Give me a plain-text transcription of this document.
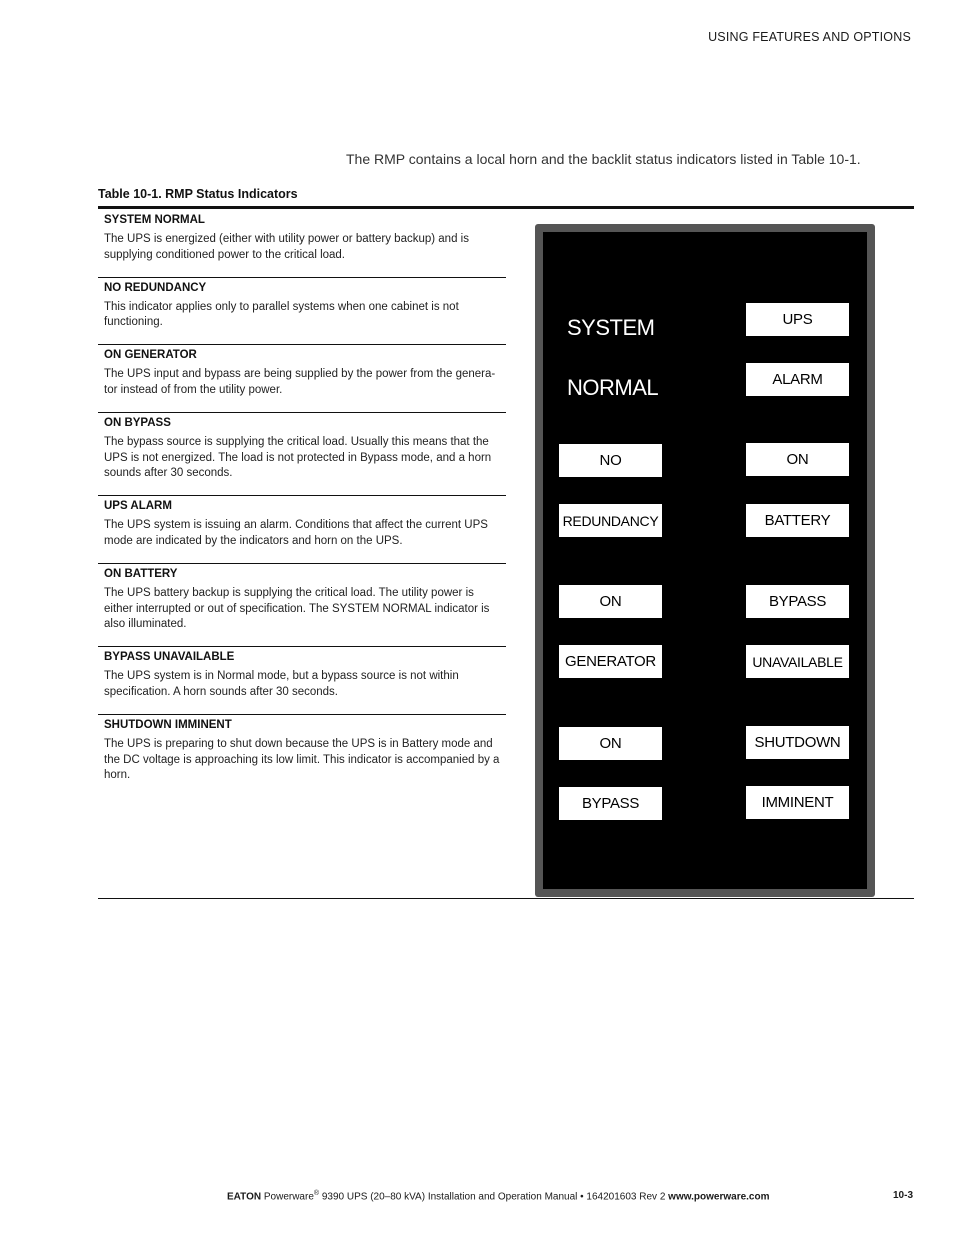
USING FEATURES AND OPTIONS
The RMP contains a local horn and the backlit status indicators listed in Table 10-1.
Table 10-1. RMP Status Indicators
SYSTEM NORMAL
The UPS is energized (either with utility power or battery backup) and is supplying conditioned power to the critical load.
NO REDUNDANCY
This indicator applies only to parallel systems when one cabinet is not functioning.
ON GENERATOR
The UPS input and bypass are being supplied by the power from the genera-tor instead of from the utility power.
ON BYPASS
The bypass source is supplying the critical load. Usually this means that the UPS is not energized. The load is not protected in Bypass mode, and a horn sounds after 30 seconds.
UPS ALARM
The UPS system is issuing an alarm. Conditions that affect the current UPS mode are indicated by the indicators and horn on the UPS.
ON BATTERY
The UPS battery backup is supplying the critical load. The utility power is either interrupted or out of specification. The SYSTEM NORMAL indicator is also illuminated.
BYPASS UNAVAILABLE
The UPS system is in Normal mode, but a bypass source is not within specification. A horn sounds after 30 seconds.
SHUTDOWN IMMINENT
The UPS is preparing to shut down because the UPS is in Battery mode and the DC voltage is approaching its low limit. This indicator is accompanied by a horn.
SYSTEM
NORMAL
UPS
ALARM
NO
REDUNDANCY
ON
BATTERY
ON
GENERATOR
BYPASS
UNAVAILABLE
ON
BYPASS
SHUTDOWN
IMMINENT
EATON Powerware® 9390 UPS (20–80 kVA) Installation and Operation Manual • 164201603 Rev 2 www.powerware.com	10-3
